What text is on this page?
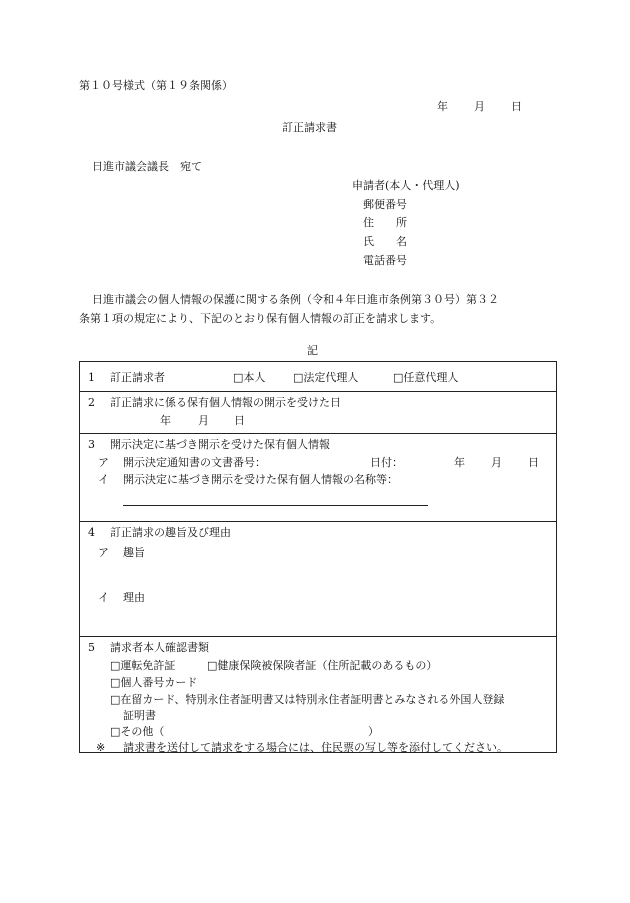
第１０号様式（第１９条関係）
年 月 日
訂正請求書
日進市議会議長　宛て
申請者(本人・代理人)
郵便番号
住　　所
氏　　名
電話番号
日進市議会の個人情報の保護に関する条例（令和４年日進市条例第３０号）第３２
条第１項の規定により、下記のとおり保有個人情報の訂正を請求します。
記
1 訂正請求者	□本人	□法定代理人	□任意代理人

2 訂正請求に係る保有個人情報の開示を受けた日
年 月 日

3 開示決定に基づき開示を受けた保有個人情報
ア 開示決定通知書の文書番号：	日付：	年 月 日
イ 開示決定に基づき開示を受けた保有個人情報の名称等：

4 訂正請求の趣旨及び理由
ア 趣旨
イ 理由

5 請求者本人確認書類
□運転免許証	□健康保険被保険者証（住所記載のあるもの）
□個人番号カード
□在留カード、特別永住者証明書又は特別永住者証明書とみなされる外国人登録
証明書
□その他（	）
※ 請求書を送付して請求をする場合には、住民票の写し等を添付してください。
